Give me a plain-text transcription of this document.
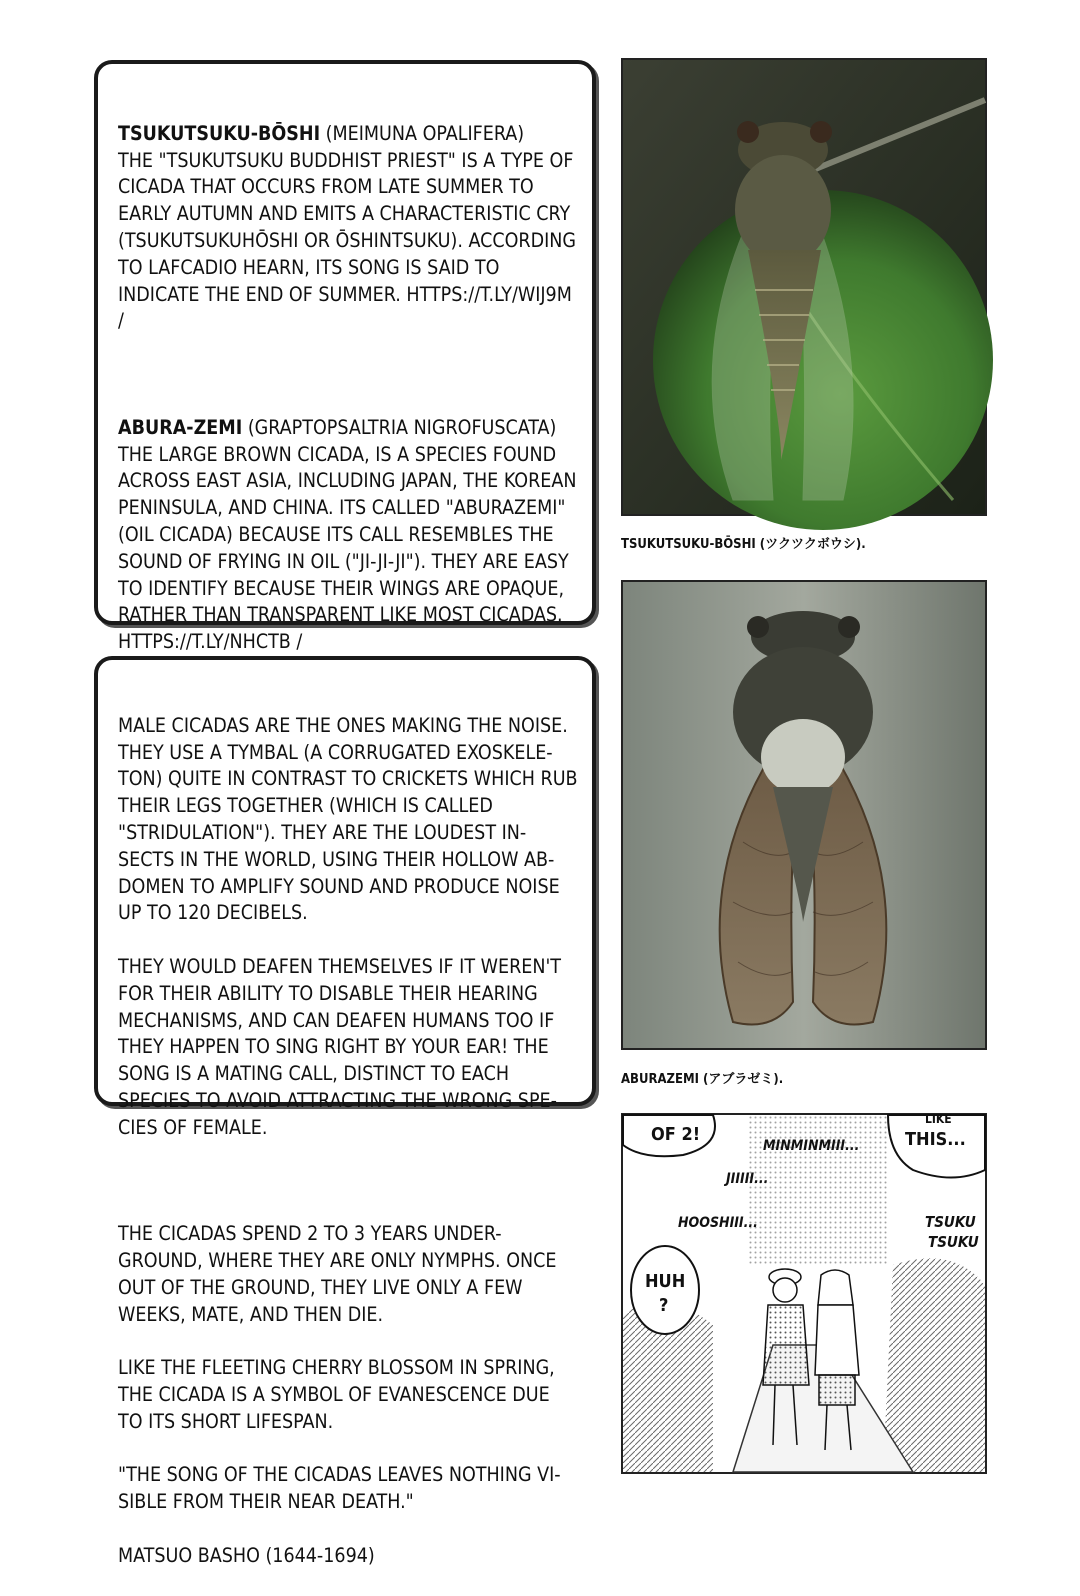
TSUKUTSUKU-BŌSHI (MEIMUNA OPALIFERA)
THE "TSUKUTSUKU BUDDHIST PRIEST" IS A TYPE OF CICADA THAT OCCURS FROM LATE SUMMER TO EARLY AUTUMN AND EMITS A CHARACTERISTIC CRY (TSUKUTSUKUHŌSHI OR ŌSHINTSUKU). ACCORDING TO LAFCADIO HEARN, ITS SONG IS SAID TO INDICATE THE END OF SUMMER. HTTPS://T.LY/WIJ9M /

ABURA-ZEMI (GRAPTOPSALTRIA NIGROFUSCATA)
THE LARGE BROWN CICADA, IS A SPECIES FOUND ACROSS EAST ASIA, INCLUDING JAPAN, THE KOREAN PENINSULA, AND CHINA. ITS CALLED "ABURAZEMI" (OIL CICADA) BECAUSE ITS CALL RESEMBLES THE SOUND OF FRYING IN OIL ("JI-JI-JI"). THEY ARE EASY TO IDENTIFY BECAUSE THEIR WINGS ARE OPAQUE, RATHER THAN TRANSPARENT LIKE MOST CICADAS. HTTPS://T.LY/NHCTB /

MALE CICADAS ARE THE ONES MAKING THE NOISE. THEY USE A TYMBAL (A CORRUGATED EXOSKELE-TON) QUITE IN CONTRAST TO CRICKETS WHICH RUB THEIR LEGS TOGETHER (WHICH IS CALLED "STRIDULATION"). THEY ARE THE LOUDEST IN-SECTS IN THE WORLD, USING THEIR HOLLOW AB-DOMEN TO AMPLIFY SOUND AND PRODUCE NOISE UP TO 120 DECIBELS.

THEY WOULD DEAFEN THEMSELVES IF IT WEREN'T FOR THEIR ABILITY TO DISABLE THEIR HEARING MECHANISMS, AND CAN DEAFEN HUMANS TOO IF THEY HAPPEN TO SING RIGHT BY YOUR EAR! THE SONG IS A MATING CALL, DISTINCT TO EACH SPECIES TO AVOID ATTRACTING THE WRONG SPE-CIES OF FEMALE.

THE CICADAS SPEND 2 TO 3 YEARS UNDER-GROUND, WHERE THEY ARE ONLY NYMPHS. ONCE OUT OF THE GROUND, THEY LIVE ONLY A FEW WEEKS, MATE, AND THEN DIE.

LIKE THE FLEETING CHERRY BLOSSOM IN SPRING, THE CICADA IS A SYMBOL OF EVANESCENCE DUE TO ITS SHORT LIFESPAN.

"THE SONG OF THE CICADAS LEAVES NOTHING VI-SIBLE FROM THEIR NEAR DEATH."

MATSUO BASHO (1644-1694)

TSUKUTSUKU-BŌSHI (ツクツクボウシ).
ABURAZEMI (アブラゼミ).
OF 2!
MINMINMIII...
LIKE
THIS...
JIIIII...
HOOSHIII...	TSUKU
TSUKU
HUH
?
